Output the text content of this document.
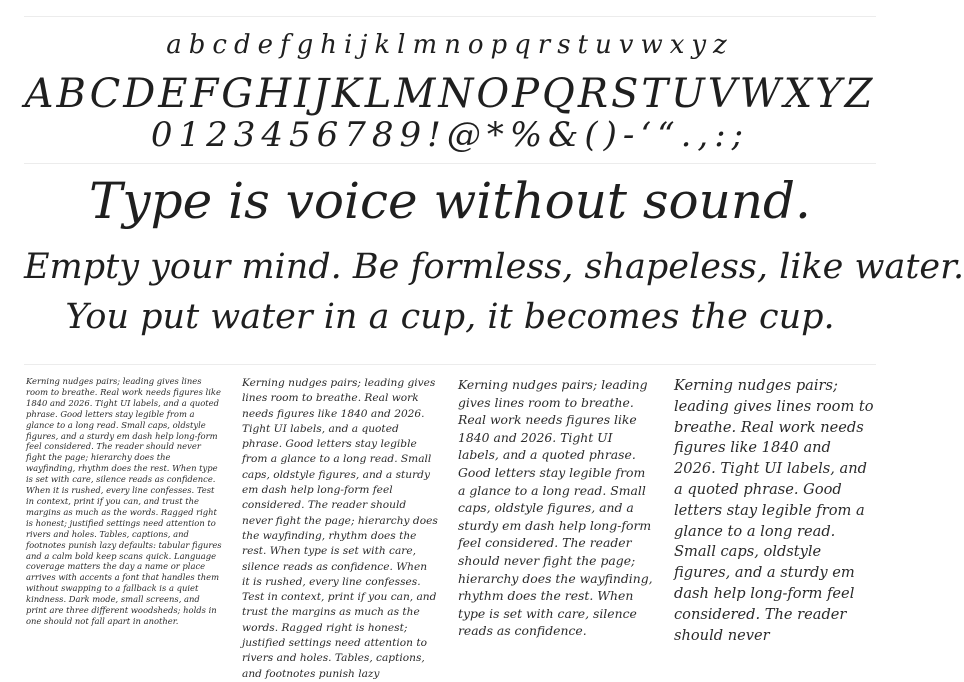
abcdefghijklmnopqrstuvwxyz
ABCDEFGHIJKLMNOPQRSTUVWXYZ
0123456789!@*%&()-‘“.,:;
Type is voice without sound.
Empty your mind. Be formless, shapeless, like water.
You put water in a cup, it becomes the cup.
Kerning nudges pairs; leading gives lines room to breathe. Real work needs figures like 1840 and 2026. Tight UI labels, and a quoted phrase. Good letters stay legible from a glance to a long read. Small caps, oldstyle figures, and a sturdy em dash help long-form feel considered. The reader should never fight the page; hierarchy does the wayfinding, rhythm does the rest. When type is set with care, silence reads as confidence. When it is rushed, every line confesses. Test in context, print if you can, and trust the margins as much as the words. Ragged right is honest; justified settings need attention to rivers and holes. Tables, captions, and footnotes punish lazy defaults: tabular figures and a calm bold keep scans quick. Language coverage matters the day a name or place arrives with accents a font that handles them without swapping to a fallback is a quiet kindness. Dark mode, small screens, and print are three different woodsheds; holds in one should not fall apart in another.
Kerning nudges pairs; leading gives lines room to breathe. Real work needs figures like 1840 and 2026. Tight UI labels, and a quoted phrase. Good letters stay legible from a glance to a long read. Small caps, oldstyle figures, and a sturdy em dash help long-form feel considered. The reader should never fight the page; hierarchy does the wayfinding, rhythm does the rest. When type is set with care, silence reads as confidence. When it is rushed, every line confesses. Test in context, print if you can, and trust the margins as much as the words. Ragged right is honest; justified settings need attention to rivers and holes. Tables, captions, and footnotes punish lazy
Kerning nudges pairs; leading gives lines room to breathe. Real work needs figures like 1840 and 2026. Tight UI labels, and a quoted phrase. Good letters stay legible from a glance to a long read. Small caps, oldstyle figures, and a sturdy em dash help long-form feel considered. The reader should never fight the page; hierarchy does the wayfinding, rhythm does the rest. When type is set with care, silence reads as confidence.
Kerning nudges pairs; leading gives lines room to breathe. Real work needs figures like 1840 and 2026. Tight UI labels, and a quoted phrase. Good letters stay legible from a glance to a long read. Small caps, oldstyle figures, and a sturdy em dash help long-form feel considered. The reader should never
